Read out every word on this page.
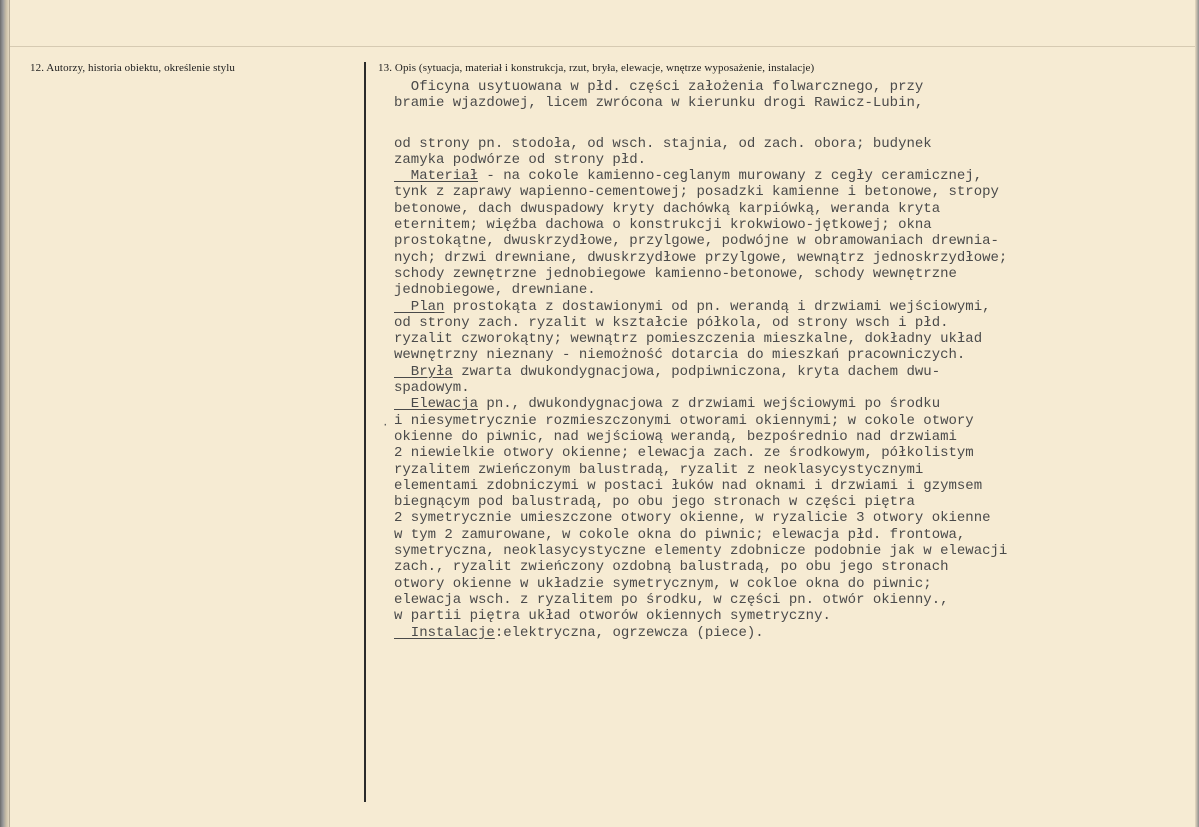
12. Autorzy, historia obiektu, określenie stylu	13. Opis (sytuacja, materiał i konstrukcja, rzut, bryła, elewacje, wnętrze wyposażenie, instalacje)
·
Oficyna usytuowana w płd. części założenia folwarcznego, przy
bramie wjazdowej, licem zwrócona w kierunku drogi Rawicz-Lubin,
od strony pn. stodoła, od wsch. stajnia, od zach. obora; budynek
zamyka podwórze od strony płd.
Materiał - na cokole kamienno-ceglanym murowany z cegły ceramicznej,
tynk z zaprawy wapienno-cementowej; posadzki kamienne i betonowe, stropy
betonowe, dach dwuspadowy kryty dachówką karpiówką, weranda kryta
eternitem; więźba dachowa o konstrukcji krokwiowo-jętkowej; okna
prostokątne, dwuskrzydłowe, przylgowe, podwójne w obramowaniach drewnia-
nych; drzwi drewniane, dwuskrzydłowe przylgowe, wewnątrz jednoskrzydłowe;
schody zewnętrzne jednobiegowe kamienno-betonowe, schody wewnętrzne
jednobiegowe, drewniane.
Plan prostokąta z dostawionymi od pn. werandą i drzwiami wejściowymi,
od strony zach. ryzalit w kształcie półkola, od strony wsch i płd.
ryzalit czworokątny; wewnątrz pomieszczenia mieszkalne, dokładny układ
wewnętrzny nieznany - niemożność dotarcia do mieszkań pracowniczych.
Bryła zwarta dwukondygnacjowa, podpiwniczona, kryta dachem dwu-
spadowym.
Elewacja pn., dwukondygnacjowa z drzwiami wejściowymi po środku
i niesymetrycznie rozmieszczonymi otworami okiennymi; w cokole otwory
okienne do piwnic, nad wejściową werandą, bezpośrednio nad drzwiami
2 niewielkie otwory okienne; elewacja zach. ze środkowym, półkolistym
ryzalitem zwieńczonym balustradą, ryzalit z neoklasycystycznymi
elementami zdobniczymi w postaci łuków nad oknami i drzwiami i gzymsem
biegnącym pod balustradą, po obu jego stronach w części piętra
2 symetrycznie umieszczone otwory okienne, w ryzalicie 3 otwory okienne
w tym 2 zamurowane, w cokole okna do piwnic; elewacja płd. frontowa,
symetryczna, neoklasycystyczne elementy zdobnicze podobnie jak w elewacji
zach., ryzalit zwieńczony ozdobną balustradą, po obu jego stronach
otwory okienne w układzie symetrycznym, w cokloe okna do piwnic;
elewacja wsch. z ryzalitem po środku, w części pn. otwór okienny.,
w partii piętra układ otworów okiennych symetryczny.
Instalacje:elektryczna, ogrzewcza (piece).
